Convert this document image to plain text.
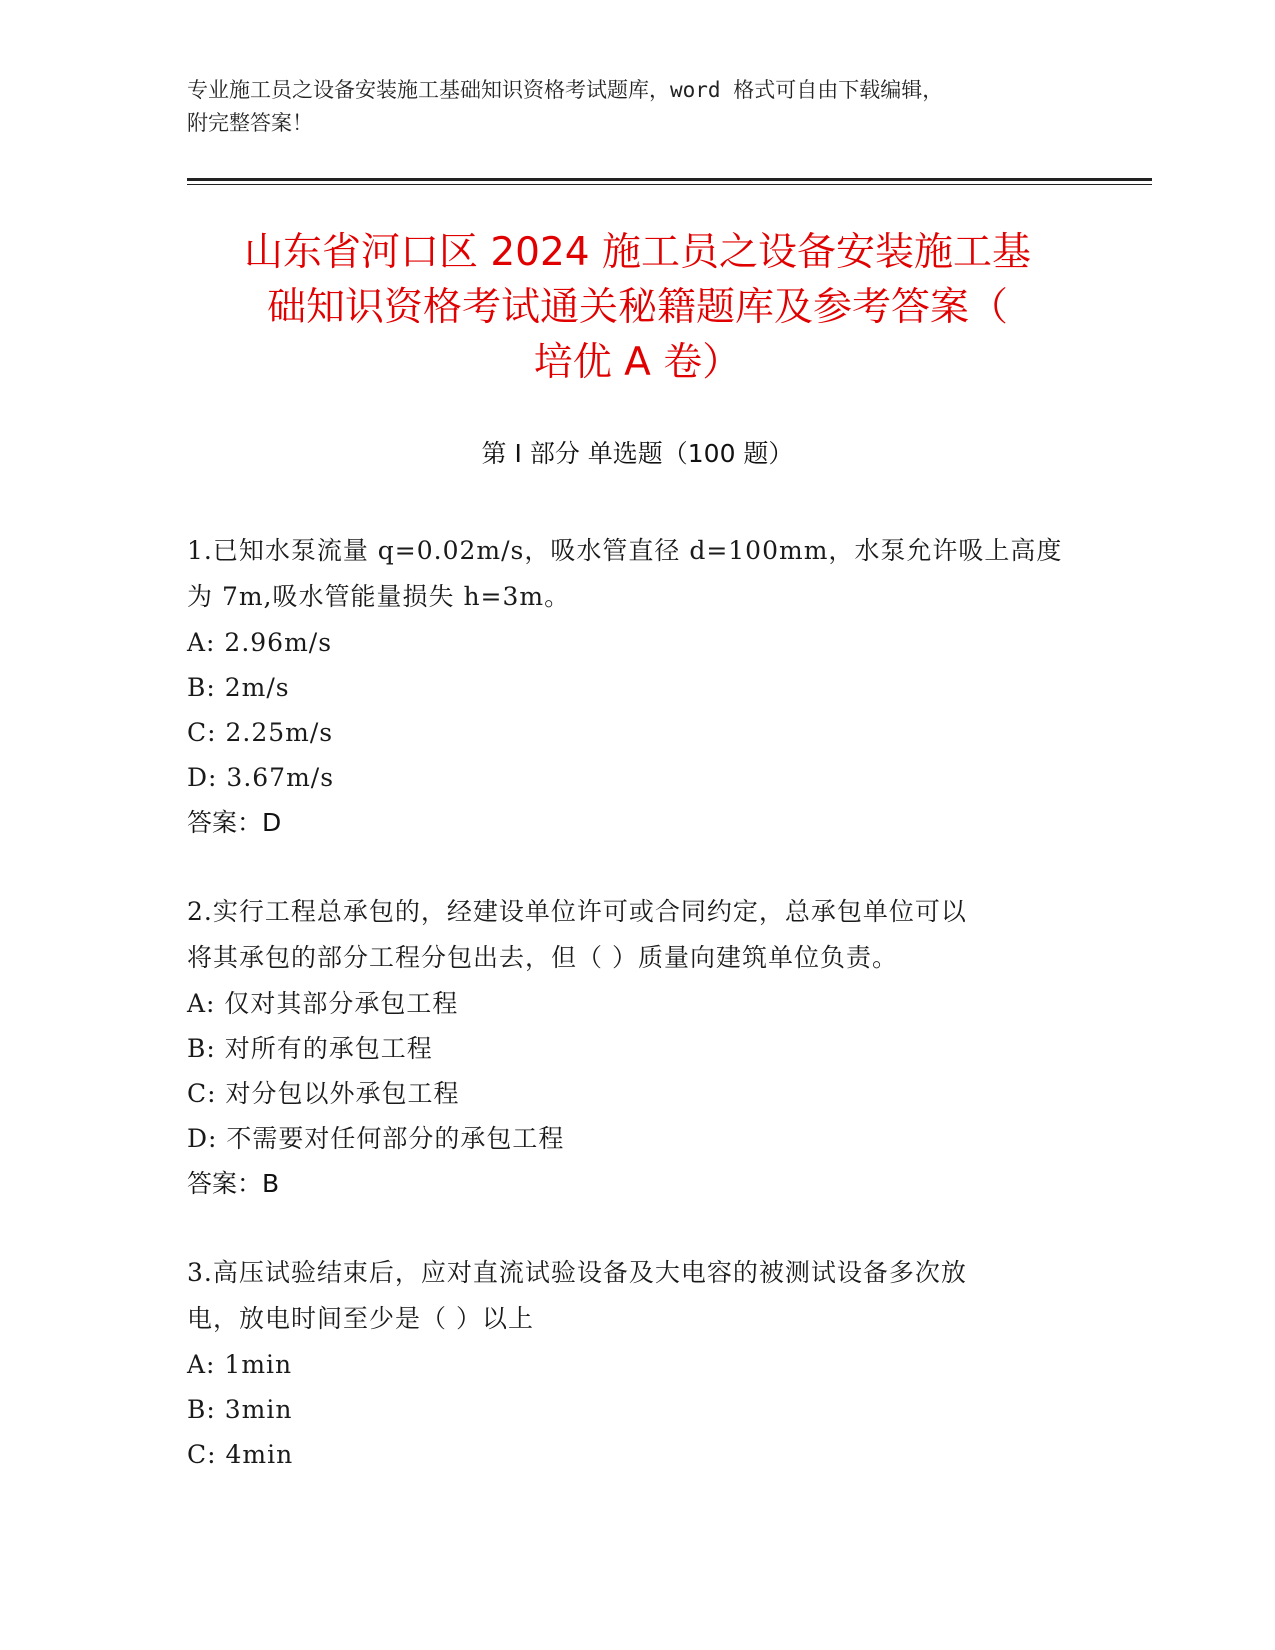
专业施工员之设备安装施工基础知识资格考试题库，word 格式可自由下载编辑，
附完整答案！
山东省河口区 2024 施工员之设备安装施工基
础知识资格考试通关秘籍题库及参考答案（
培优 A 卷）
第 I 部分 单选题（100 题）
1.已知水泵流量 q=0.02m/s，吸水管直径 d=100mm，水泵允许吸上高度
为 7m,吸水管能量损失 h=3m。
A: 2.96m/s
B: 2m/s
C: 2.25m/s
D: 3.67m/s
答案：D
2.实行工程总承包的，经建设单位许可或合同约定，总承包单位可以
将其承包的部分工程分包出去，但（ ）质量向建筑单位负责。
A: 仅对其部分承包工程
B: 对所有的承包工程
C: 对分包以外承包工程
D: 不需要对任何部分的承包工程
答案：B
3.高压试验结束后，应对直流试验设备及大电容的被测试设备多次放
电，放电时间至少是（ ）以上
A: 1min
B: 3min
C: 4min
